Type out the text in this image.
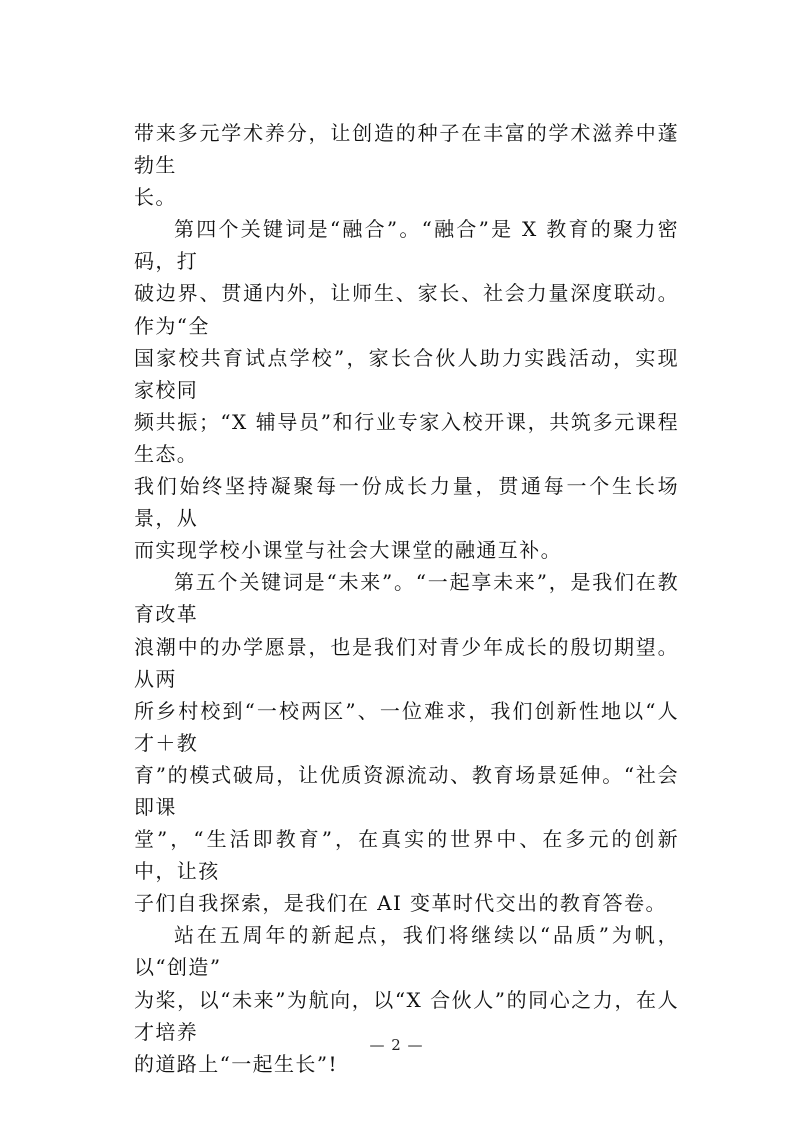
带来多元学术养分，让创造的种子在丰富的学术滋养中蓬勃生
长。

第四个关键词是“融合”。“融合”是 X 教育的聚力密码，打
破边界、贯通内外，让师生、家长、社会力量深度联动。作为“全
国家校共育试点学校”，家长合伙人助力实践活动，实现家校同
频共振；“X 辅导员”和行业专家入校开课，共筑多元课程生态。
我们始终坚持凝聚每一份成长力量，贯通每一个生长场景，从
而实现学校小课堂与社会大课堂的融通互补。

第五个关键词是“未来”。“一起享未来”，是我们在教育改革
浪潮中的办学愿景，也是我们对青少年成长的殷切期望。从两
所乡村校到“一校两区”、一位难求，我们创新性地以“人才＋教
育”的模式破局，让优质资源流动、教育场景延伸。“社会即课
堂”，“生活即教育”，在真实的世界中、在多元的创新中，让孩
子们自我探索，是我们在 AI 变革时代交出的教育答卷。

站在五周年的新起点，我们将继续以“品质”为帆，以“创造”
为桨，以“未来”为航向，以“X 合伙人”的同心之力，在人才培养
的道路上“一起生长”!

— 2 —
